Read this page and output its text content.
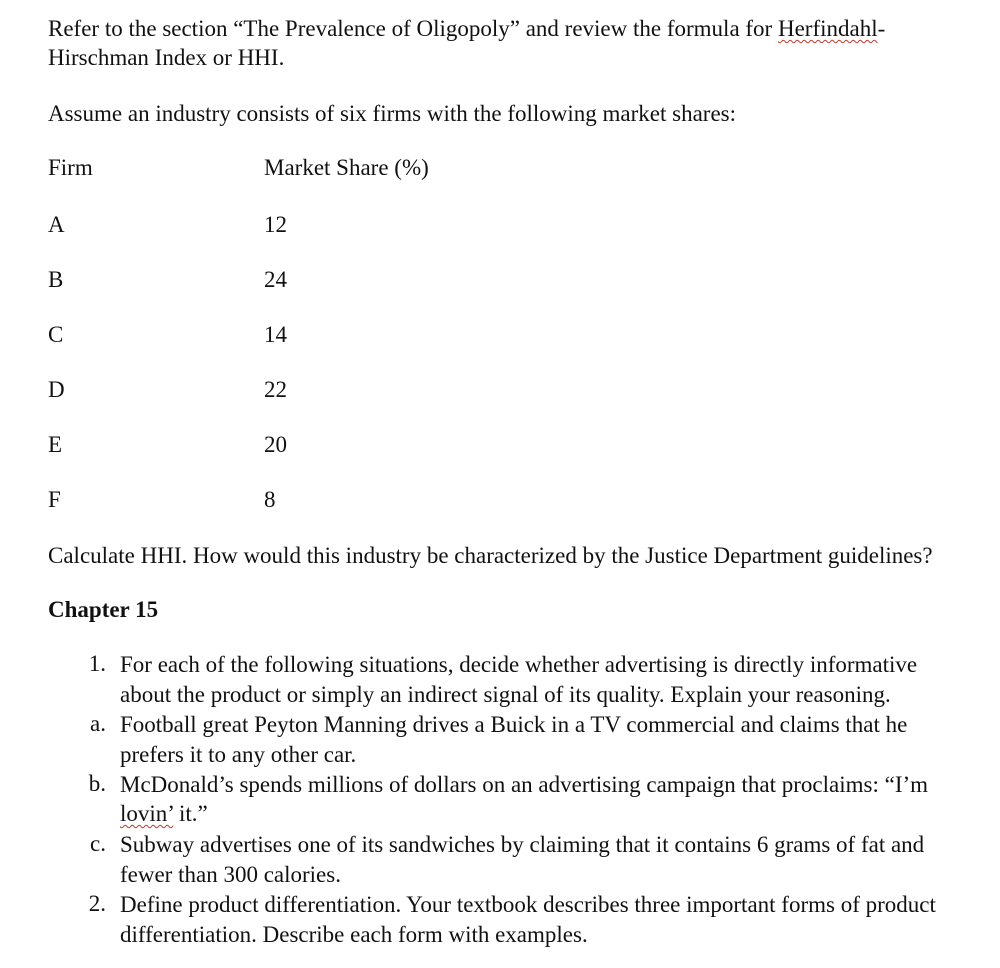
Refer to the section “The Prevalence of Oligopoly” and review the formula for Herfindahl-
Hirschman Index or HHI.
Assume an industry consists of six firms with the following market shares:
Firm	Market Share (%)
A	12
B	24
C	14
D	22
E	20
F	8
Calculate HHI. How would this industry be characterized by the Justice Department guidelines?
Chapter 15
1. For each of the following situations, decide whether advertising is directly informative
about the product or simply an indirect signal of its quality. Explain your reasoning.
a. Football great Peyton Manning drives a Buick in a TV commercial and claims that he
prefers it to any other car.
b. McDonald’s spends millions of dollars on an advertising campaign that proclaims: “I’m
lovin’ it.”
c. Subway advertises one of its sandwiches by claiming that it contains 6 grams of fat and
fewer than 300 calories.
2. Define product differentiation. Your textbook describes three important forms of product
differentiation. Describe each form with examples.
